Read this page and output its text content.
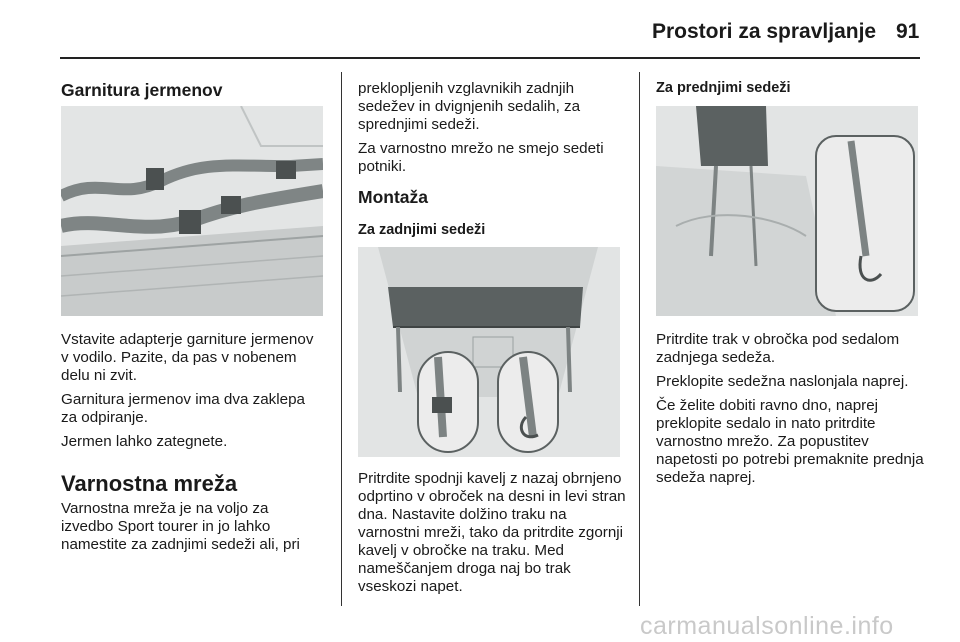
Prostori za spravljanje 91
Garnitura jermenov

Vstavite adapterje garniture jermenov v vodilo. Pazite, da pas v nobenem delu ni zvit.

Garnitura jermenov ima dva zaklepa za odpiranje.

Jermen lahko zategnete.

Varnostna mreža

Varnostna mreža je na voljo za izvedbo Sport tourer in jo lahko namestite za zadnjimi sedeži ali, pri

preklopljenih vzglavnikih zadnjih sedežev in dvignjenih sedalih, za sprednjimi sedeži.

Za varnostno mrežo ne smejo sedeti potniki.

Montaža
Za zadnjimi sedeži

Pritrdite spodnji kavelj z nazaj obrnjeno odprtino v obroček na desni in levi stran dna. Nastavite dolžino traku na varnostni mreži, tako da pritrdite zgornji kavelj v obročke na traku. Med nameščanjem droga naj bo trak vseskozi napet.

Za prednjimi sedeži

Pritrdite trak v obročka pod sedalom zadnjega sedeža.

Preklopite sedežna naslonjala naprej.

Če želite dobiti ravno dno, naprej preklopite sedalo in nato pritrdite varnostno mrežo. Za popustitev napetosti po potrebi premaknite prednja sedeža naprej.

carmanualsonline.info
